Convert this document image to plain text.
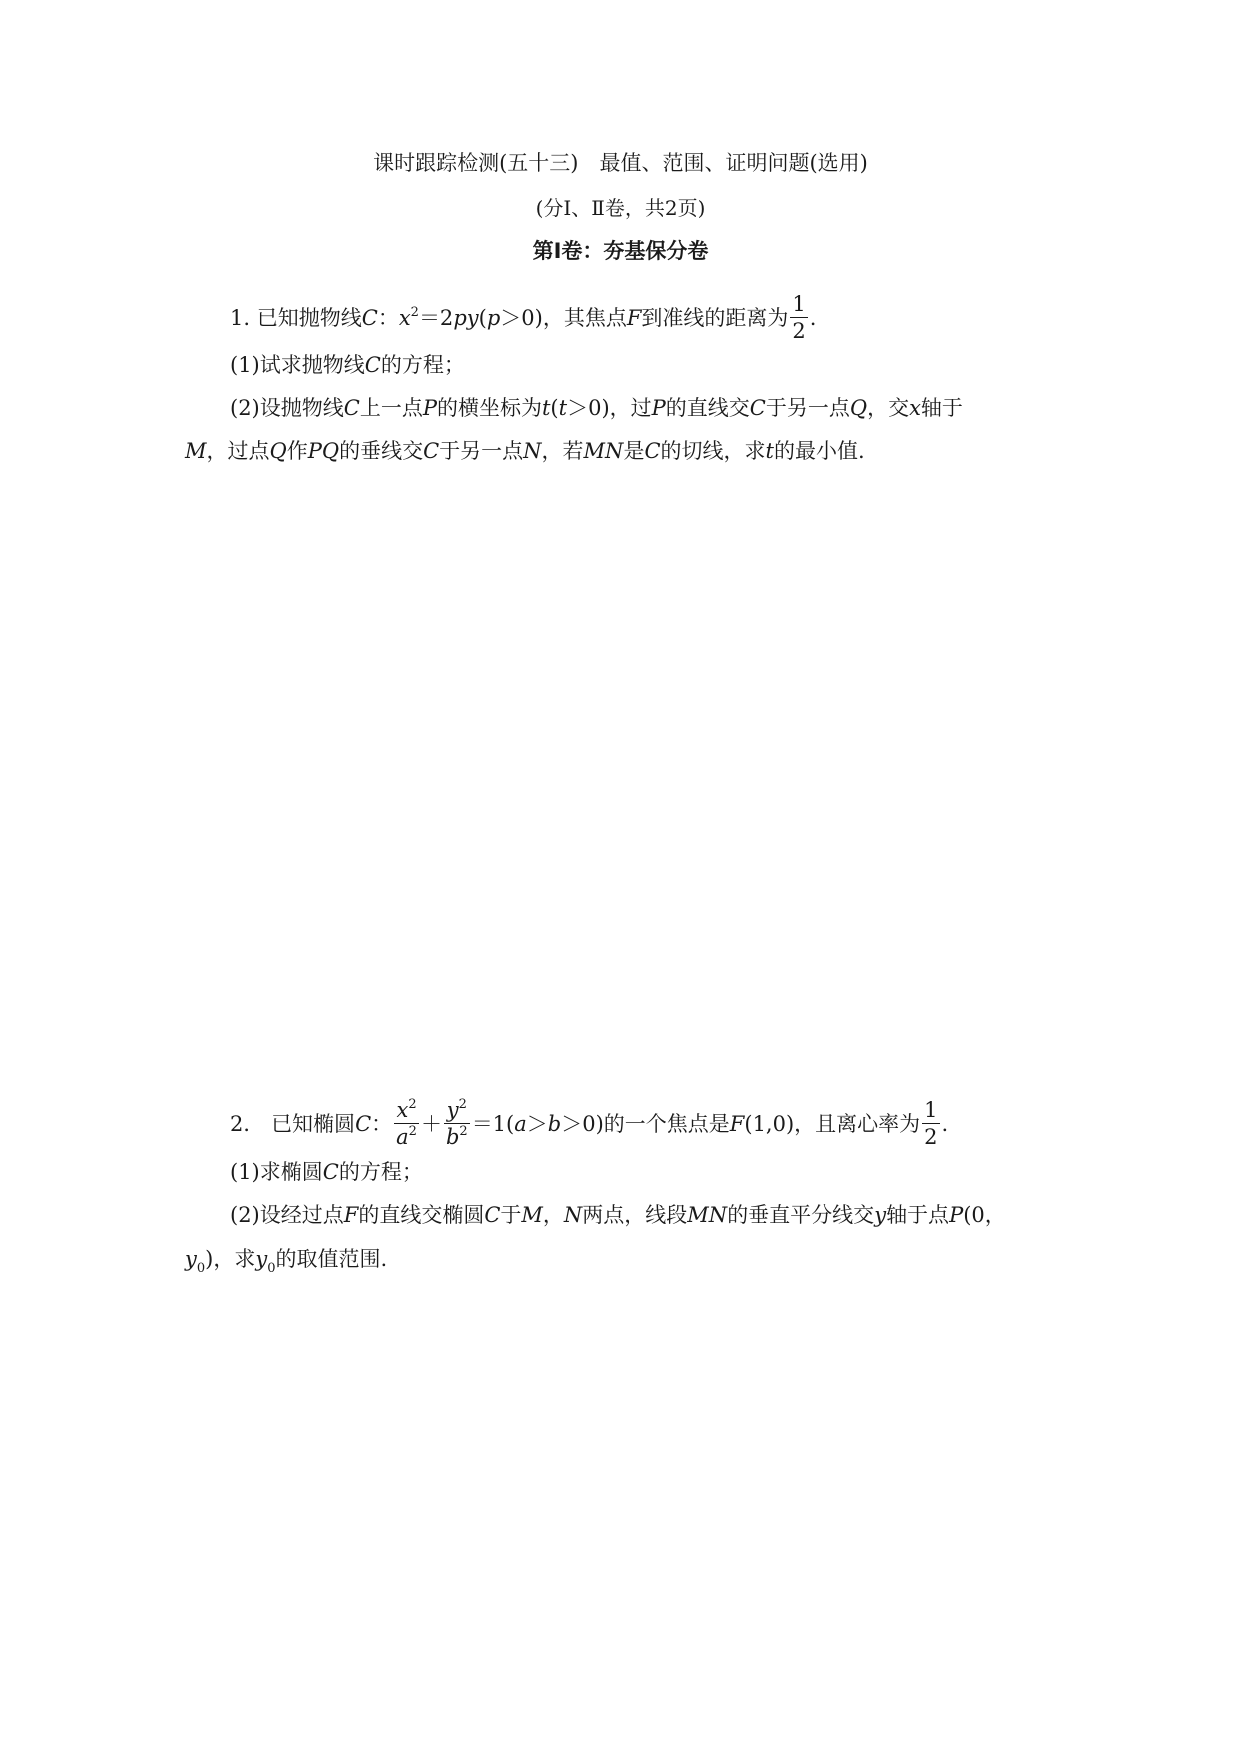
课时跟踪检测(五十三)　最值、范围、证明问题(选用)
(分Ⅰ、Ⅱ卷，共2页)
第Ⅰ卷：夯基保分卷
1. 已知抛物线C：$x^2=2py(p>0)$，其焦点F到准线的距离为 $\frac{1}{2}$ .
(1)试求抛物线C的方程；
(2)设抛物线C上一点P的横坐标为t(t＞0)，过P的直线交C于另一点Q，交x轴于
M，过点Q作PQ的垂线交C于另一点N，若MN是C的切线，求t的最小值.
2． 已知椭圆C： $\frac{x^2}{a^2} + \frac{y^2}{b^2} =1(a>b>0)$的一个焦点是F(1,0)，且离心率为 $\frac{1}{2}$ .
(1)求椭圆C的方程；
(2)设经过点F的直线交椭圆C于M，N两点，线段MN的垂直平分线交y轴于点P(0，
$y_0$)，求$y_0$的取值范围.
